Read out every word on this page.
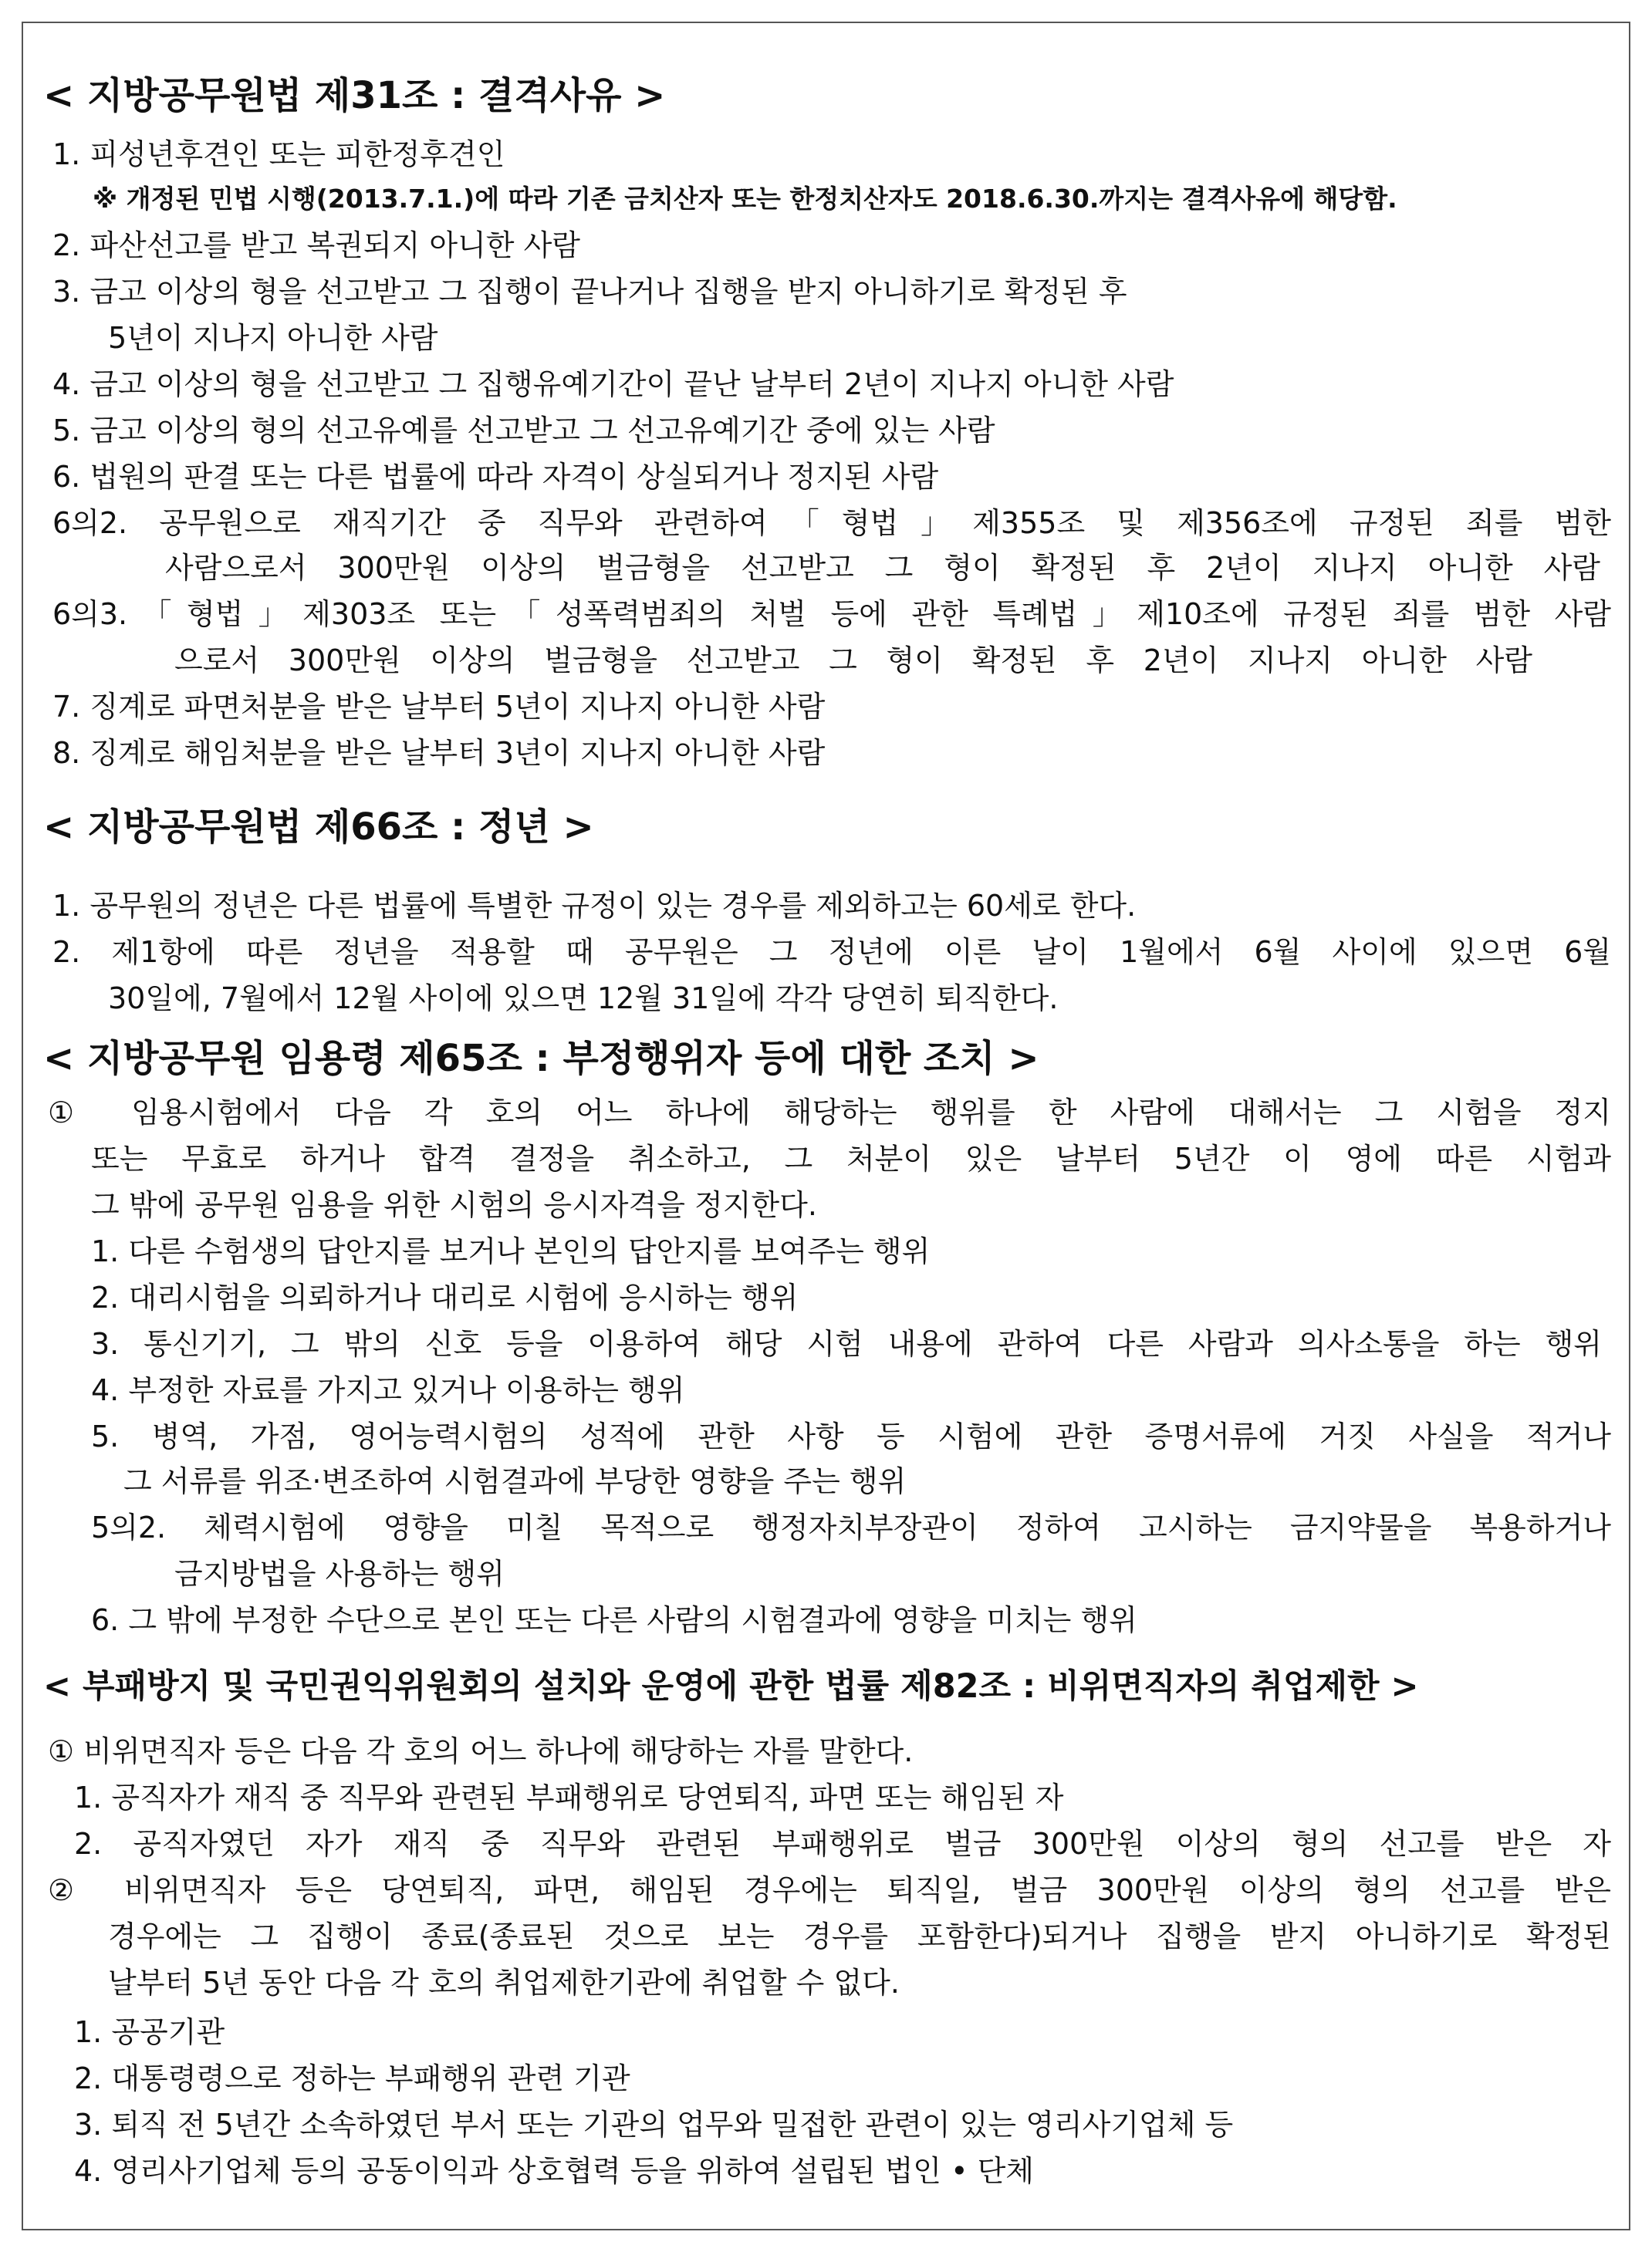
< 지방공무원법 제31조 : 결격사유 >
1. 피성년후견인 또는 피한정후견인
※ 개정된 민법 시행(2013.7.1.)에 따라 기존 금치산자 또는 한정치산자도 2018.6.30.까지는 결격사유에 해당함.
2. 파산선고를 받고 복권되지 아니한 사람
3. 금고 이상의 형을 선고받고 그 집행이 끝나거나 집행을 받지 아니하기로 확정된 후
5년이 지나지 아니한 사람
4. 금고 이상의 형을 선고받고 그 집행유예기간이 끝난 날부터 2년이 지나지 아니한 사람
5. 금고 이상의 형의 선고유예를 선고받고 그 선고유예기간 중에 있는 사람
6. 법원의 판결 또는 다른 법률에 따라 자격이 상실되거나 정지된 사람
6의2. 공무원으로 재직기간 중 직무와 관련하여「형법」제355조 및 제356조에 규정된 죄를 범한
사람으로서 300만원 이상의 벌금형을 선고받고 그 형이 확정된 후 2년이 지나지 아니한 사람
6의3.「형법」제303조 또는「성폭력범죄의 처벌 등에 관한 특례법」제10조에 규정된 죄를 범한 사람
으로서 300만원 이상의 벌금형을 선고받고 그 형이 확정된 후 2년이 지나지 아니한 사람
7. 징계로 파면처분을 받은 날부터 5년이 지나지 아니한 사람
8. 징계로 해임처분을 받은 날부터 3년이 지나지 아니한 사람
< 지방공무원법 제66조 : 정년 >
1. 공무원의 정년은 다른 법률에 특별한 규정이 있는 경우를 제외하고는 60세로 한다.
2. 제1항에 따른 정년을 적용할 때 공무원은 그 정년에 이른 날이 1월에서 6월 사이에 있으면 6월
30일에, 7월에서 12월 사이에 있으면 12월 31일에 각각 당연히 퇴직한다.
< 지방공무원 임용령 제65조 : 부정행위자 등에 대한 조치 >
① 임용시험에서 다음 각 호의 어느 하나에 해당하는 행위를 한 사람에 대해서는 그 시험을 정지
또는 무효로 하거나 합격 결정을 취소하고, 그 처분이 있은 날부터 5년간 이 영에 따른 시험과
그 밖에 공무원 임용을 위한 시험의 응시자격을 정지한다.
1. 다른 수험생의 답안지를 보거나 본인의 답안지를 보여주는 행위
2. 대리시험을 의뢰하거나 대리로 시험에 응시하는 행위
3. 통신기기, 그 밖의 신호 등을 이용하여 해당 시험 내용에 관하여 다른 사람과 의사소통을 하는 행위
4. 부정한 자료를 가지고 있거나 이용하는 행위
5. 병역, 가점, 영어능력시험의 성적에 관한 사항 등 시험에 관한 증명서류에 거짓 사실을 적거나
그 서류를 위조·변조하여 시험결과에 부당한 영향을 주는 행위
5의2. 체력시험에 영향을 미칠 목적으로 행정자치부장관이 정하여 고시하는 금지약물을 복용하거나
금지방법을 사용하는 행위
6. 그 밖에 부정한 수단으로 본인 또는 다른 사람의 시험결과에 영향을 미치는 행위
< 부패방지 및 국민권익위원회의 설치와 운영에 관한 법률 제82조 : 비위면직자의 취업제한 >
① 비위면직자 등은 다음 각 호의 어느 하나에 해당하는 자를 말한다.
1. 공직자가 재직 중 직무와 관련된 부패행위로 당연퇴직, 파면 또는 해임된 자
2. 공직자였던 자가 재직 중 직무와 관련된 부패행위로 벌금 300만원 이상의 형의 선고를 받은 자
② 비위면직자 등은 당연퇴직, 파면, 해임된 경우에는 퇴직일, 벌금 300만원 이상의 형의 선고를 받은
경우에는 그 집행이 종료(종료된 것으로 보는 경우를 포함한다)되거나 집행을 받지 아니하기로 확정된
날부터 5년 동안 다음 각 호의 취업제한기관에 취업할 수 없다.
1. 공공기관
2. 대통령령으로 정하는 부패행위 관련 기관
3. 퇴직 전 5년간 소속하였던 부서 또는 기관의 업무와 밀접한 관련이 있는 영리사기업체 등
4. 영리사기업체 등의 공동이익과 상호협력 등을 위하여 설립된 법인 • 단체
